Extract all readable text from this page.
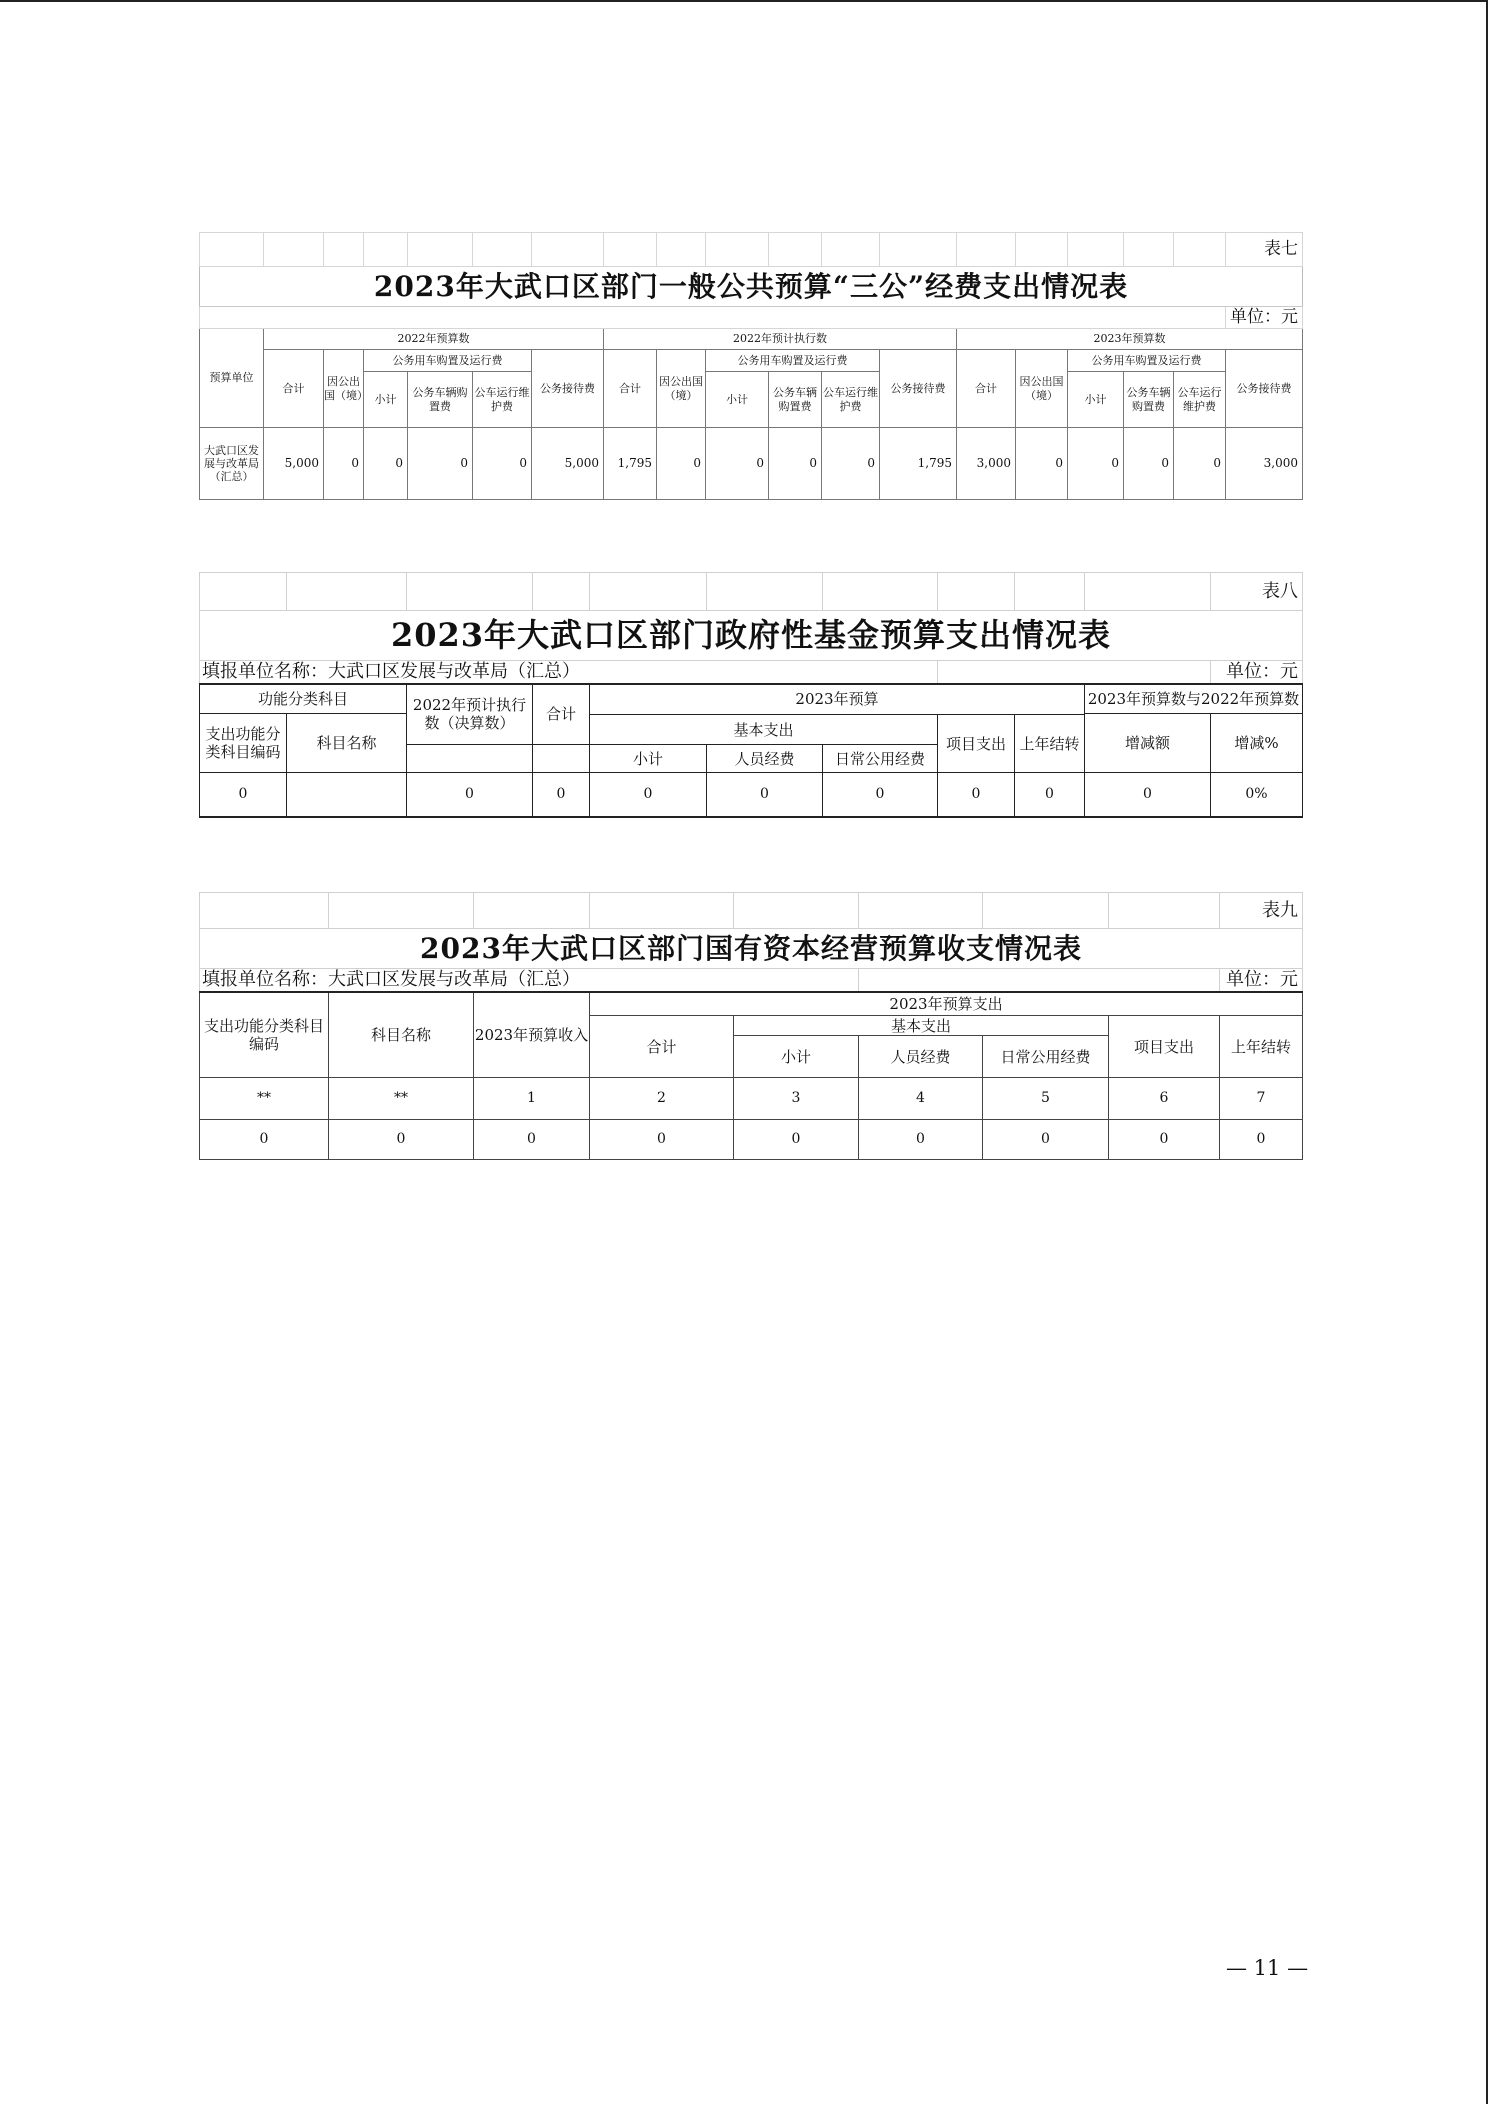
																		表七
2023年大武口区部门一般公共预算“三公”经费支出情况表																		
																		单位：元
预算单位	2022年预算数						2022年预计执行数						2023年预算数					
	合计	因公出国（境）	公务用车购置及运行费			公务接待费	合计	因公出国（境）	公务用车购置及运行费			公务接待费	合计	因公出国（境）	公务用车购置及运行费			公务接待费
			小计	公务车辆购置费	公车运行维护费				小计	公务车辆购置费	公车运行维护费				小计	公务车辆购置费	公车运行维护费	
大武口区发展与改革局（汇总）	5,000	0	0	0	0	5,000	1,795	0	0	0	0	1,795	3,000	0	0	0	0	3,000
										表八
2023年大武口区部门政府性基金预算支出情况表										
填报单位名称：大武口区发展与改革局（汇总）										单位：元
功能分类科目		2022年预计执行数（决算数）	合计	2023年预算					2023年预算数与2022年预算数	
支出功能分类科目编码	科目名称								增减额	增减%
				基本支出			项目支出	上年结转		
				小计	人员经费	日常公用经费				
0		0	0	0	0	0	0	0	0	0%
								表九
2023年大武口区部门国有资本经营预算收支情况表								
填报单位名称：大武口区发展与改革局（汇总）								单位：元
支出功能分类科目编码	科目名称	2023年预算收入	2023年预算支出					
			合计	基本支出			项目支出	上年结转
				小计	人员经费	日常公用经费		
**	**	1	2	3	4	5	6	7
0	0	0	0	0	0	0	0	0
— 11 —
